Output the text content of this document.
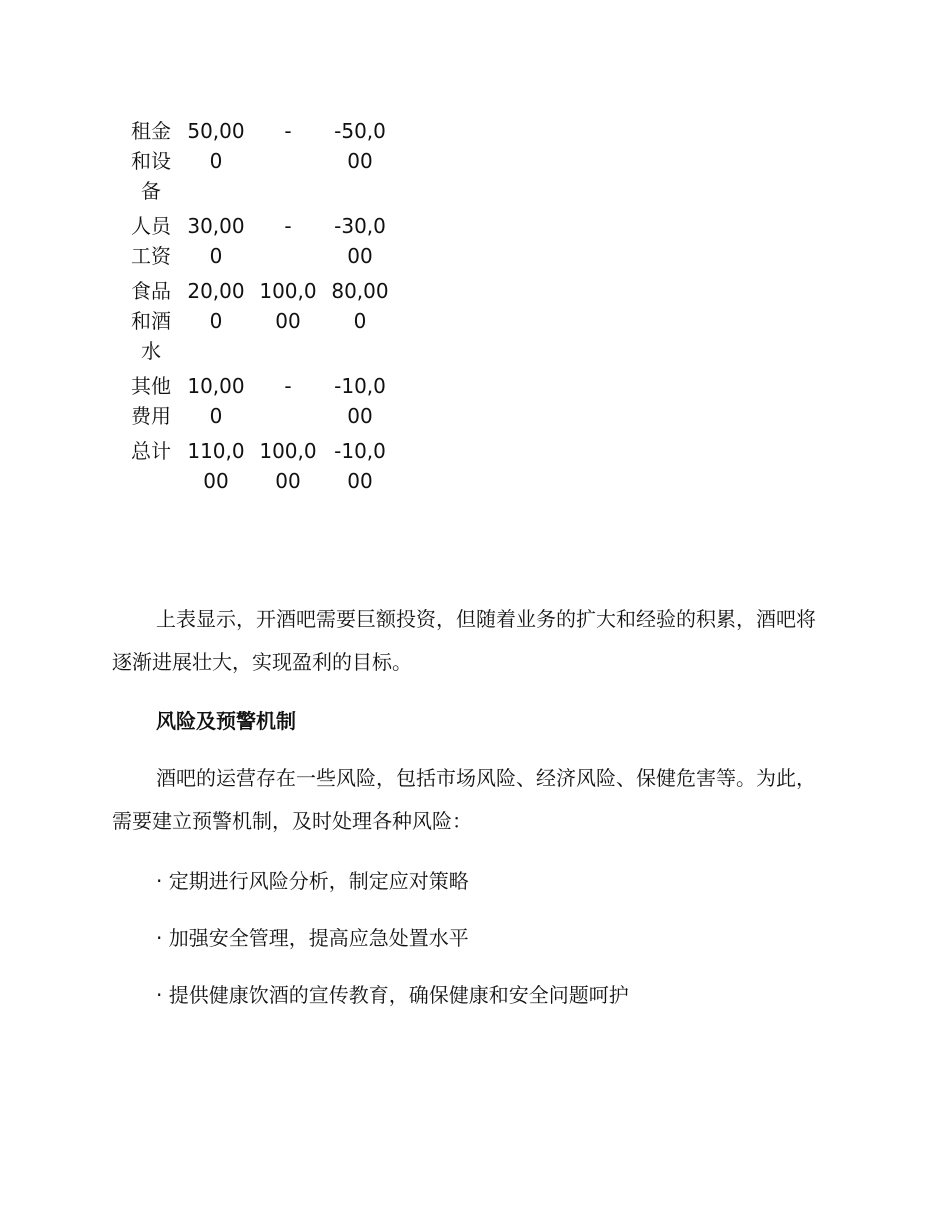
租金和设备	50,000	-	-50,000
人员工资	30,000	-	-30,000
食品和酒水	20,000	100,000	80,000
其他费用	10,000	-	-10,000
总计	110,000	100,000	-10,000

上表显示，开酒吧需要巨额投资，但随着业务的扩大和经验的积累，酒吧将逐渐进展壮大，实现盈利的目标。

风险及预警机制

酒吧的运营存在一些风险，包括市场风险、经济风险、保健危害等。为此，需要建立预警机制，及时处理各种风险：

· 定期进行风险分析，制定应对策略

· 加强安全管理，提高应急处置水平

· 提供健康饮酒的宣传教育，确保健康和安全问题呵护
